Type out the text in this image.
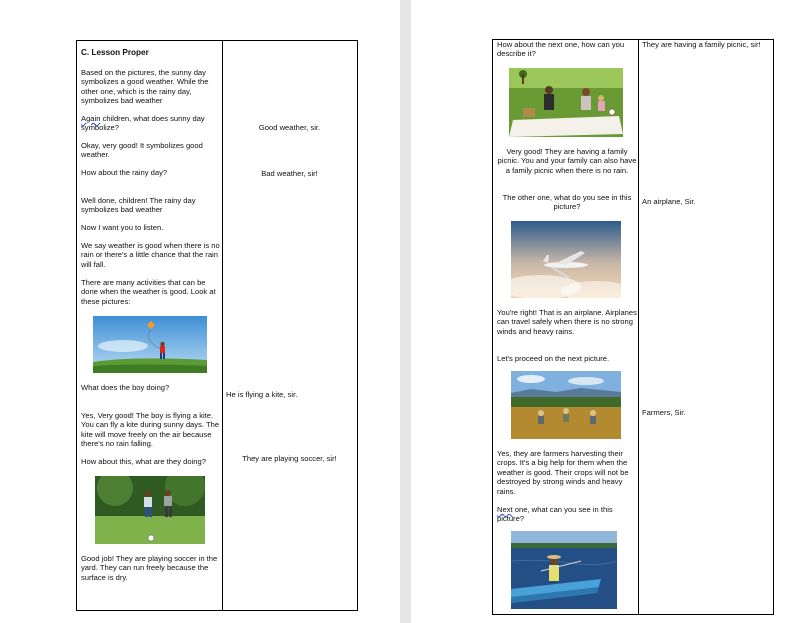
C. Lesson Proper
Based on the pictures, the sunny day symbolizes a good weather. While the other one, which is the rainy day, symbolizes bad weather
Again children, what does sunny day symbolize?
Okay, very good! It symbolizes good weather.
How about the rainy day?
Well done, children! The rainy day symbolizes bad weather
Now I want you to listen.
We say weather is good when there is no rain or there's a little chance that the rain will fall.
There are many activities that can be done when the weather is good. Look at these pictures:
What does the boy doing?
Yes, Very good! The boy is flying a kite. You can fly a kite during sunny days. The kite will move freely on the air because there's no rain falling.
How about this, what are they doing?
Good job! They are playing soccer in the yard. They can run freely because the surface is dry.
Good weather, sir.
Bad weather, sir!
He is flying a kite, sir.
They are playing soccer, sir!
How about the next one, how can you describe it?
Very good! They are having a family picnic. You and your family can also have a family picnic when there is no rain.
The other one, what do you see in this picture?
You're right! That is an airplane. Airplanes can travel safely when there is no strong winds and heavy rains.
Let's proceed on the next picture.
Yes, they are farmers harvesting their crops. It's a big help for them when the weather is good. Their crops will not be destroyed by strong winds and heavy rains.
Next one, what can you see in this picture?
They are having a family picnic, sir!
An airplane, Sir.
Farmers, Sir.
